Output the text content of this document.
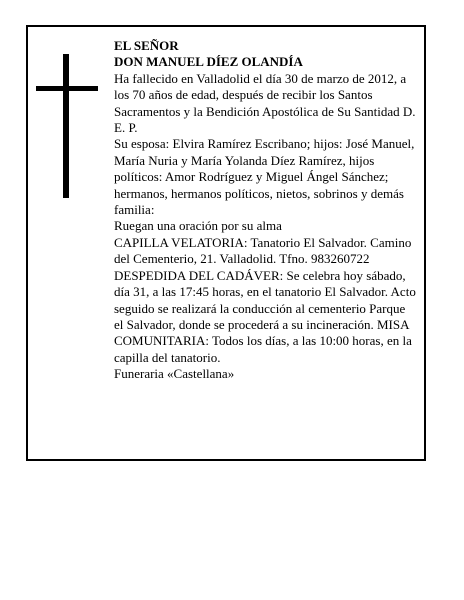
EL SEÑOR

DON MANUEL DÍEZ OLANDÍA

Ha fallecido en Valladolid el día 30 de marzo de 2012, a los 70 años de edad, después de recibir los Santos Sacramentos y la Bendición Apostólica de Su Santidad D. E. P.

Su esposa: Elvira Ramírez Escribano; hijos: José Manuel, María Nuria y María Yolanda Díez Ramírez, hijos políticos: Amor Rodríguez y Miguel Ángel Sánchez; hermanos, hermanos políticos, nietos, sobrinos y demás familia:

Ruegan una oración por su alma

CAPILLA VELATORIA: Tanatorio El Salvador. Camino del Cementerio, 21. Valladolid. Tfno. 983260722

DESPEDIDA DEL CADÁVER: Se celebra hoy sábado, día 31, a las 17:45 horas, en el tanatorio El Salvador. Acto seguido se realizará la conducción al cementerio Parque el Salvador, donde se procederá a su incineración. MISA COMUNITARIA: Todos los días, a las 10:00 horas, en la capilla del tanatorio.

Funeraria «Castellana»
